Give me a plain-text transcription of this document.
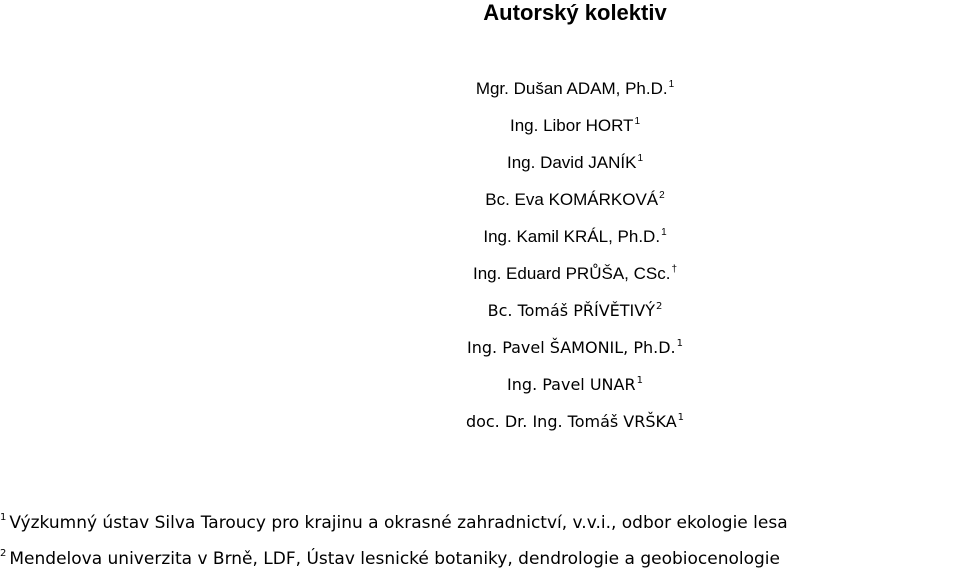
Autorský kolektiv
Mgr. Dušan ADAM, Ph.D.$^1$
Ing. Libor HORT$^1$
Ing. David JANÍK$^1$
Bc. Eva KOMÁRKOVÁ$^2$
Ing. Kamil KRÁL, Ph.D.$^1$
Ing. Eduard PRŮŠA, CSc.†
Bc. Tomáš PŘÍVĚTIVÝ$^2$
Ing. Pavel ŠAMONIL, Ph.D.$^1$
Ing. Pavel UNAR$^1$
doc. Dr. Ing. Tomáš VRŠKA$^1$
$^1$ Výzkumný ústav Silva Taroucy pro krajinu a okrasné zahradnictví, v.v.i., odbor ekologie lesa
$^2$ Mendelova univerzita v Brně, LDF, Ústav lesnické botaniky, dendrologie a geobiocenologie
